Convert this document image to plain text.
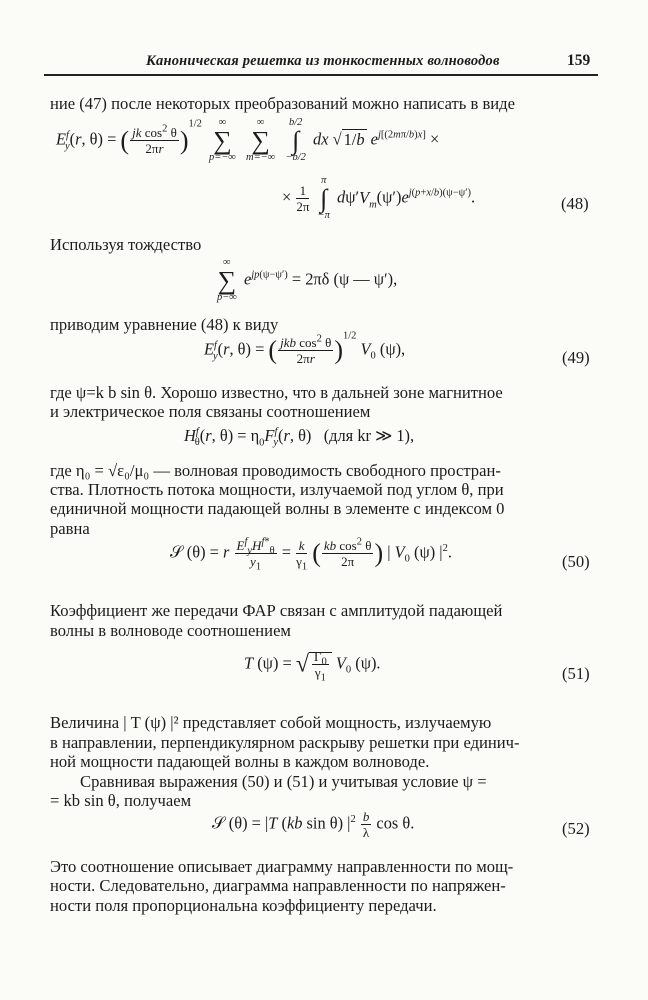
Каноническая решетка из тонкостенных волноводов	159
ние (47) после некоторых преобразований можно написать в виде
$E^f_y(r$, θ) = ( $\frac{jk \cos^2 \theta}{2\pi r} )^{1/2}$	∞
∑
p=−∞

∞
∑
m=−∞

b/2
∫
−b/2
dx √ 1/b $e^{j[(2m\pi/b)x]}$ ×
× $\frac{1}{2\pi}$

π
∫
−π
$d\psi'V_m(\psi')e^{j(p+x/b)(\psi-\psi')}$.	(48)
Используя тождество
∞
∑
p−∞
$e^{jp(\psi-\psi')} = 2\pi\delta$ (ψ — ψ′),
приводим уравнение (48) к виду
$E^f_y(r$, θ) = ( $\frac{jkb \cos^2 \theta}{2\pi r} )^{1/2}$ $V_0$ (ψ),	(49)
где ψ=k b sin θ. Хорошо известно, что в дальней зоне магнитное
и электрическое поля связаны соотношением
$H^f_\theta(r$, $\theta) = \eta_0F^f_y(r$, θ)   (для kr ≫ 1),
где η₀ = √ε₀/μ₀ — волновая проводимость свободного простран-
ства. Плотность потока мощности, излучаемой под углом θ, при
единичной мощности падающей волны в элементе с индексом 0
равна
𝒮 (θ) = r $\frac{E^f_yH^{f*}_\theta}{y_1} = \frac{k}{\gamma_1}$ ( $\frac{kb \cos^2 \theta}{2\pi}$ ) | $V_0$ (ψ) $|^2$.
(50)
Коэффициент же передачи ФАР связан с амплитудой падающей
волны в волноводе соотношением
T (ψ) = √ $\frac{\Gamma_0}{\gamma_1} V_0$ (ψ).
(51)
Величина | T (ψ) |² представляет собой мощность, излучаемую
в направлении, перпендикулярном раскрыву решетки при единич-
ной мощности падающей волны в каждом волноводе.
Сравнивая выражения (50) и (51) и учитывая условие ψ =
= kb sin θ, получаем
𝒮 (θ) = |T (kb sin θ) $|^2 \frac{b}{\lambda}$ cos θ.	(52)
Это соотношение описывает диаграмму направленности по мощ-
ности. Следовательно, диаграмма направленности по напряжен-
ности поля пропорциональна коэффициенту передачи.
